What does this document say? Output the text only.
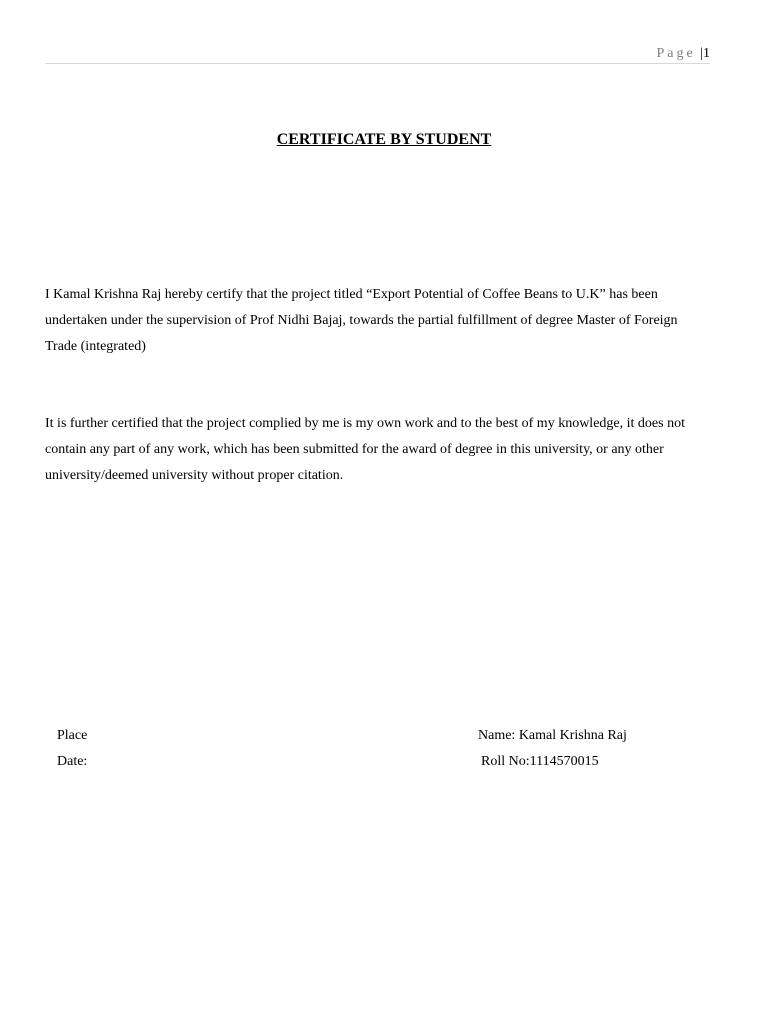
Page |1
CERTIFICATE BY STUDENT

I Kamal Krishna Raj hereby certify that the project titled “Export Potential of Coffee Beans to U.K” has been undertaken under the supervision of Prof Nidhi Bajaj, towards the partial fulfillment of degree Master of Foreign Trade (integrated)

It is further certified that the project complied by me is my own work and to the best of my knowledge, it does not contain any part of any work, which has been submitted for the award of degree in this university, or any other university/deemed university without proper citation.

Place

Date:

Name: Kamal Krishna Raj

Roll No:1114570015
